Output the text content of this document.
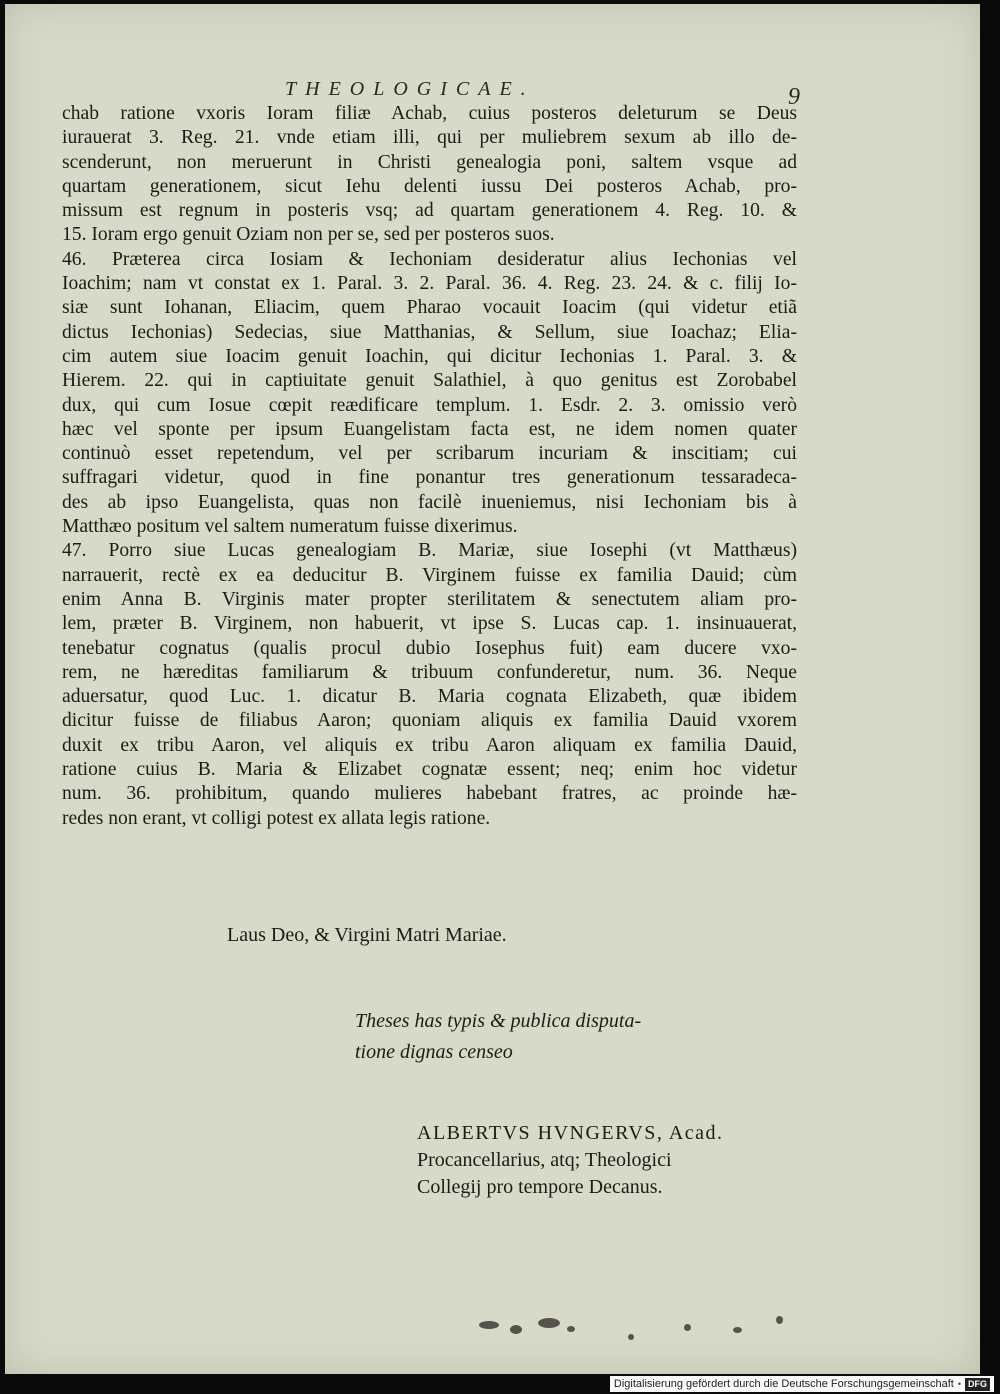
THEOLOGICAE.	9
chab ratione vxoris Ioram filiæ Achab, cuius posteros deleturum se Deus
iurauerat 3. Reg. 21. vnde etiam illi, qui per muliebrem sexum ab illo de-
scenderunt, non meruerunt in Christi genealogia poni, saltem vsque ad
quartam generationem, sicut Iehu delenti iussu Dei posteros Achab, pro-
missum est regnum in posteris vsq; ad quartam generationem 4. Reg. 10. &
15. Ioram ergo genuit Oziam non per se, sed per posteros suos.
46. Præterea circa Iosiam & Iechoniam desideratur alius Iechonias vel
Ioachim; nam vt constat ex 1. Paral. 3. 2. Paral. 36. 4. Reg. 23. 24. & c. filij Io-
siæ sunt Iohanan, Eliacim, quem Pharao vocauit Ioacim (qui videtur etiã
dictus Iechonias) Sedecias, siue Matthanias, & Sellum, siue Ioachaz; Elia-
cim autem siue Ioacim genuit Ioachin, qui dicitur Iechonias 1. Paral. 3. &
Hierem. 22. qui in captiuitate genuit Salathiel, à quo genitus est Zorobabel
dux, qui cum Iosue cœpit reædificare templum. 1. Esdr. 2. 3. omissio verò
hæc vel sponte per ipsum Euangelistam facta est, ne idem nomen quater
continuò esset repetendum, vel per scribarum incuriam & inscitiam; cui
suffragari videtur, quod in fine ponantur tres generationum tessaradeca-
des ab ipso Euangelista, quas non facilè inueniemus, nisi Iechoniam bis à
Matthæo positum vel saltem numeratum fuisse dixerimus.
47. Porro siue Lucas genealogiam B. Mariæ, siue Iosephi (vt Matthæus)
narrauerit, rectè ex ea deducitur B. Virginem fuisse ex familia Dauid; cùm
enim Anna B. Virginis mater propter sterilitatem & senectutem aliam pro-
lem, præter B. Virginem, non habuerit, vt ipse S. Lucas cap. 1. insinuauerat,
tenebatur cognatus (qualis procul dubio Iosephus fuit) eam ducere vxo-
rem, ne hæreditas familiarum & tribuum confunderetur, num. 36. Neque
aduersatur, quod Luc. 1. dicatur B. Maria cognata Elizabeth, quæ ibidem
dicitur fuisse de filiabus Aaron; quoniam aliquis ex familia Dauid vxorem
duxit ex tribu Aaron, vel aliquis ex tribu Aaron aliquam ex familia Dauid,
ratione cuius B. Maria & Elizabet cognatæ essent; neq; enim hoc videtur
num. 36. prohibitum, quando mulieres habebant fratres, ac proinde hæ-
redes non erant, vt colligi potest ex allata legis ratione.
Laus Deo, & Virgini Matri Mariae.
Theses has typis & publica disputa-
tione dignas censeo
ALBERTVS HVNGERVS, Acad.
Procancellarius, atq; Theologici
Collegij pro tempore Decanus.
Digitalisierung gefördert durch die Deutsche Forschungsgemeinschaft • DFG
